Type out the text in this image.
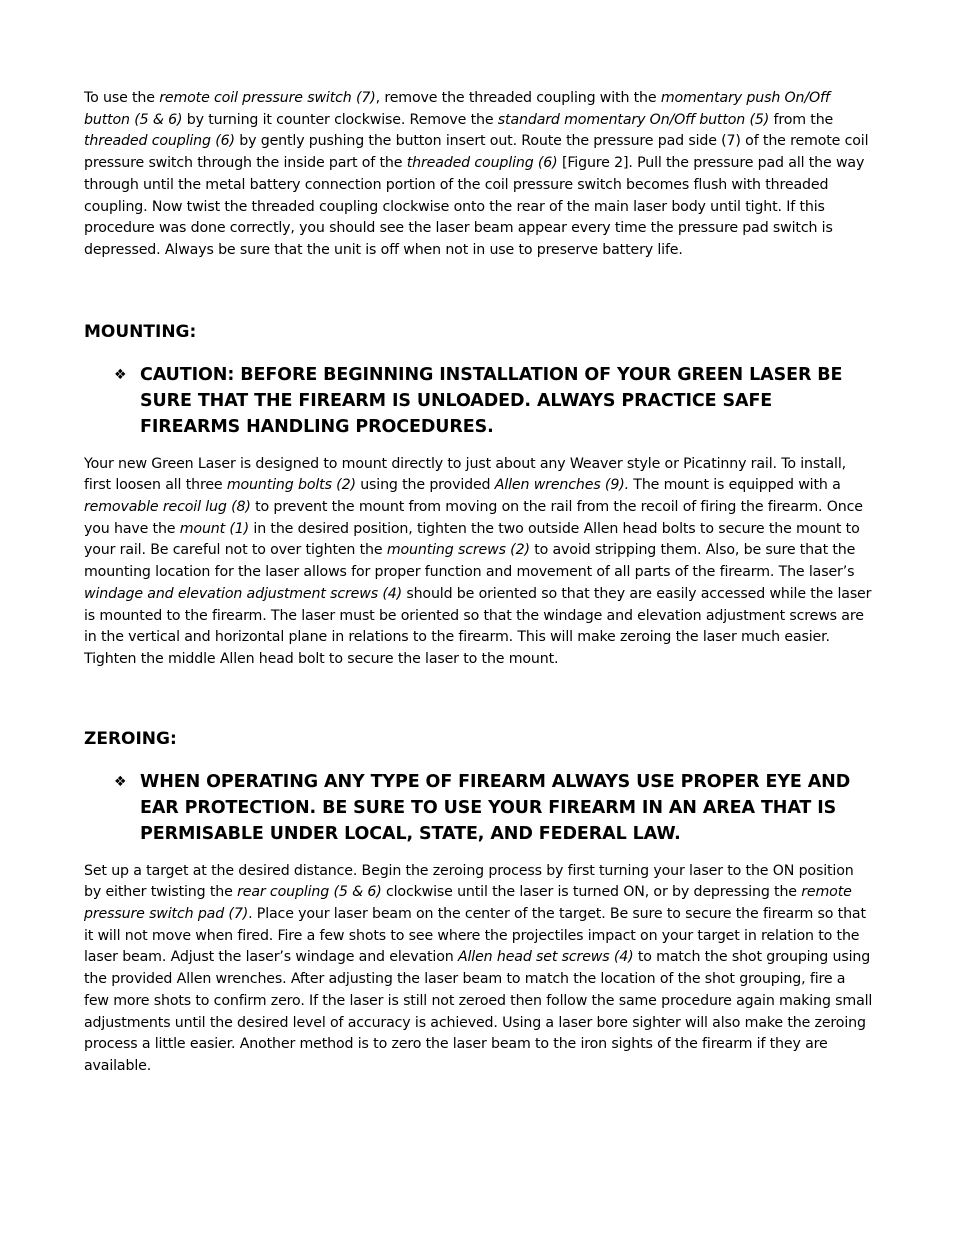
To use the remote coil pressure switch (7), remove the threaded coupling with the momentary push On/Off button (5 & 6) by turning it counter clockwise. Remove the standard momentary On/Off button (5) from the threaded coupling (6) by gently pushing the button insert out. Route the pressure pad side (7) of the remote coil pressure switch through the inside part of the threaded coupling (6) [Figure 2]. Pull the pressure pad all the way through until the metal battery connection portion of the coil pressure switch becomes flush with threaded coupling. Now twist the threaded coupling clockwise onto the rear of the main laser body until tight. If this procedure was done correctly, you should see the laser beam appear every time the pressure pad switch is depressed. Always be sure that the unit is off when not in use to preserve battery life.

MOUNTING:
❖ CAUTION: BEFORE BEGINNING INSTALLATION OF YOUR GREEN LASER BE SURE THAT THE FIREARM IS UNLOADED. ALWAYS PRACTICE SAFE FIREARMS HANDLING PROCEDURES.

Your new Green Laser is designed to mount directly to just about any Weaver style or Picatinny rail. To install, first loosen all three mounting bolts (2) using the provided Allen wrenches (9). The mount is equipped with a removable recoil lug (8) to prevent the mount from moving on the rail from the recoil of firing the firearm. Once you have the mount (1) in the desired position, tighten the two outside Allen head bolts to secure the mount to your rail. Be careful not to over tighten the mounting screws (2) to avoid stripping them. Also, be sure that the mounting location for the laser allows for proper function and movement of all parts of the firearm. The laser’s windage and elevation adjustment screws (4) should be oriented so that they are easily accessed while the laser is mounted to the firearm. The laser must be oriented so that the windage and elevation adjustment screws are in the vertical and horizontal plane in relations to the firearm. This will make zeroing the laser much easier. Tighten the middle Allen head bolt to secure the laser to the mount.

ZEROING:
❖ WHEN OPERATING ANY TYPE OF FIREARM ALWAYS USE PROPER EYE AND EAR PROTECTION. BE SURE TO USE YOUR FIREARM IN AN AREA THAT IS PERMISABLE UNDER LOCAL, STATE, AND FEDERAL LAW.

Set up a target at the desired distance. Begin the zeroing process by first turning your laser to the ON position by either twisting the rear coupling (5 & 6) clockwise until the laser is turned ON, or by depressing the remote pressure switch pad (7). Place your laser beam on the center of the target. Be sure to secure the firearm so that it will not move when fired. Fire a few shots to see where the projectiles impact on your target in relation to the laser beam. Adjust the laser’s windage and elevation Allen head set screws (4) to match the shot grouping using the provided Allen wrenches. After adjusting the laser beam to match the location of the shot grouping, fire a few more shots to confirm zero. If the laser is still not zeroed then follow the same procedure again making small adjustments until the desired level of accuracy is achieved. Using a laser bore sighter will also make the zeroing process a little easier. Another method is to zero the laser beam to the iron sights of the firearm if they are available.
